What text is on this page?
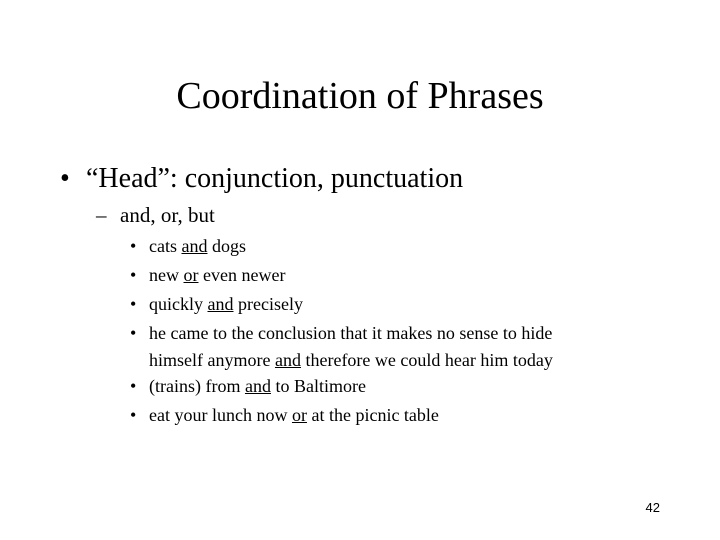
Coordination of Phrases
• “Head”: conjunction, punctuation
– and, or, but
• cats and dogs
• new or even newer
• quickly and precisely
• he came to the conclusion that it makes no sense to hide
himself anymore and therefore we could hear him today
• (trains) from and to Baltimore
• eat your lunch now or at the picnic table
42
